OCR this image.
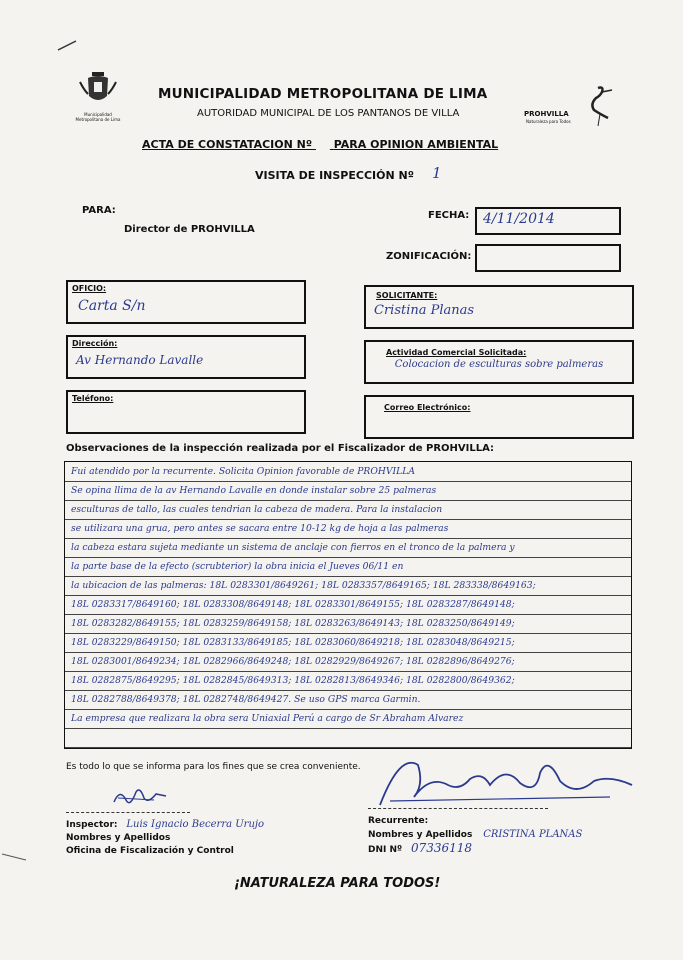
Municipalidad Metropolitana de Lima
MUNICIPALIDAD METROPOLITANA DE LIMA
AUTORIDAD MUNICIPAL DE LOS PANTANOS DE VILLA	PROHVILLA
Naturaleza para Todos
ACTA DE CONSTATACION Nº PARA OPINION AMBIENTAL
VISITA DE INSPECCIÓN Nº 1
PARA:
Director de PROHVILLA
FECHA: 4/11/2014
ZONIFICACIÓN:
OFICIO:
Carta S/n
SOLICITANTE:
Cristina Planas
Dirección:
Av Hernando Lavalle
Actividad Comercial Solicitada:
Colocacion de esculturas sobre palmeras
Teléfono:
Correo Electrónico:
Observaciones de la inspección realizada por el Fiscalizador de PROHVILLA:
Fui atendido por la recurrente. Solicita Opinion favorable de PROHVILLA
Se opina llima de la av Hernando Lavalle en donde instalar sobre 25 palmeras
esculturas de tallo, las cuales tendrian la cabeza de madera. Para la instalacion
se utilizara una grua, pero antes se sacara entre 10-12 kg de hoja a las palmeras
la cabeza estara sujeta mediante un sistema de anclaje con fierros en el tronco de la palmera y
la parte base de la efecto (scrubterior) la obra inicia el Jueves 06/11 en
la ubicacion de las palmeras: 18L 0283301/8649261; 18L 0283357/8649165; 18L 283338/8649163;
18L 0283317/8649160; 18L 0283308/8649148; 18L 0283301/8649155; 18L 0283287/8649148;
18L 0283282/8649155; 18L 0283259/8649158; 18L 0283263/8649143; 18L 0283250/8649149;
18L 0283229/8649150; 18L 0283133/8649185; 18L 0283060/8649218; 18L 0283048/8649215;
18L 0283001/8649234; 18L 0282966/8649248; 18L 0282929/8649267; 18L 0282896/8649276;
18L 0282875/8649295; 18L 0282845/8649313; 18L 0282813/8649346; 18L 0282800/8649362;
18L 0282788/8649378; 18L 0282748/8649427. Se uso GPS marca Garmin.
La empresa que realizara la obra sera Uniaxial Perú a cargo de Sr Abraham Alvarez
Es todo lo que se informa para los fines que se crea conveniente.
Inspector: Luis Ignacio Becerra Urujo
Nombres y Apellidos
Oficina de Fiscalización y Control
Recurrente:
Nombres y Apellidos CRISTINA PLANAS
DNI Nº 07336118
¡NATURALEZA PARA TODOS!
